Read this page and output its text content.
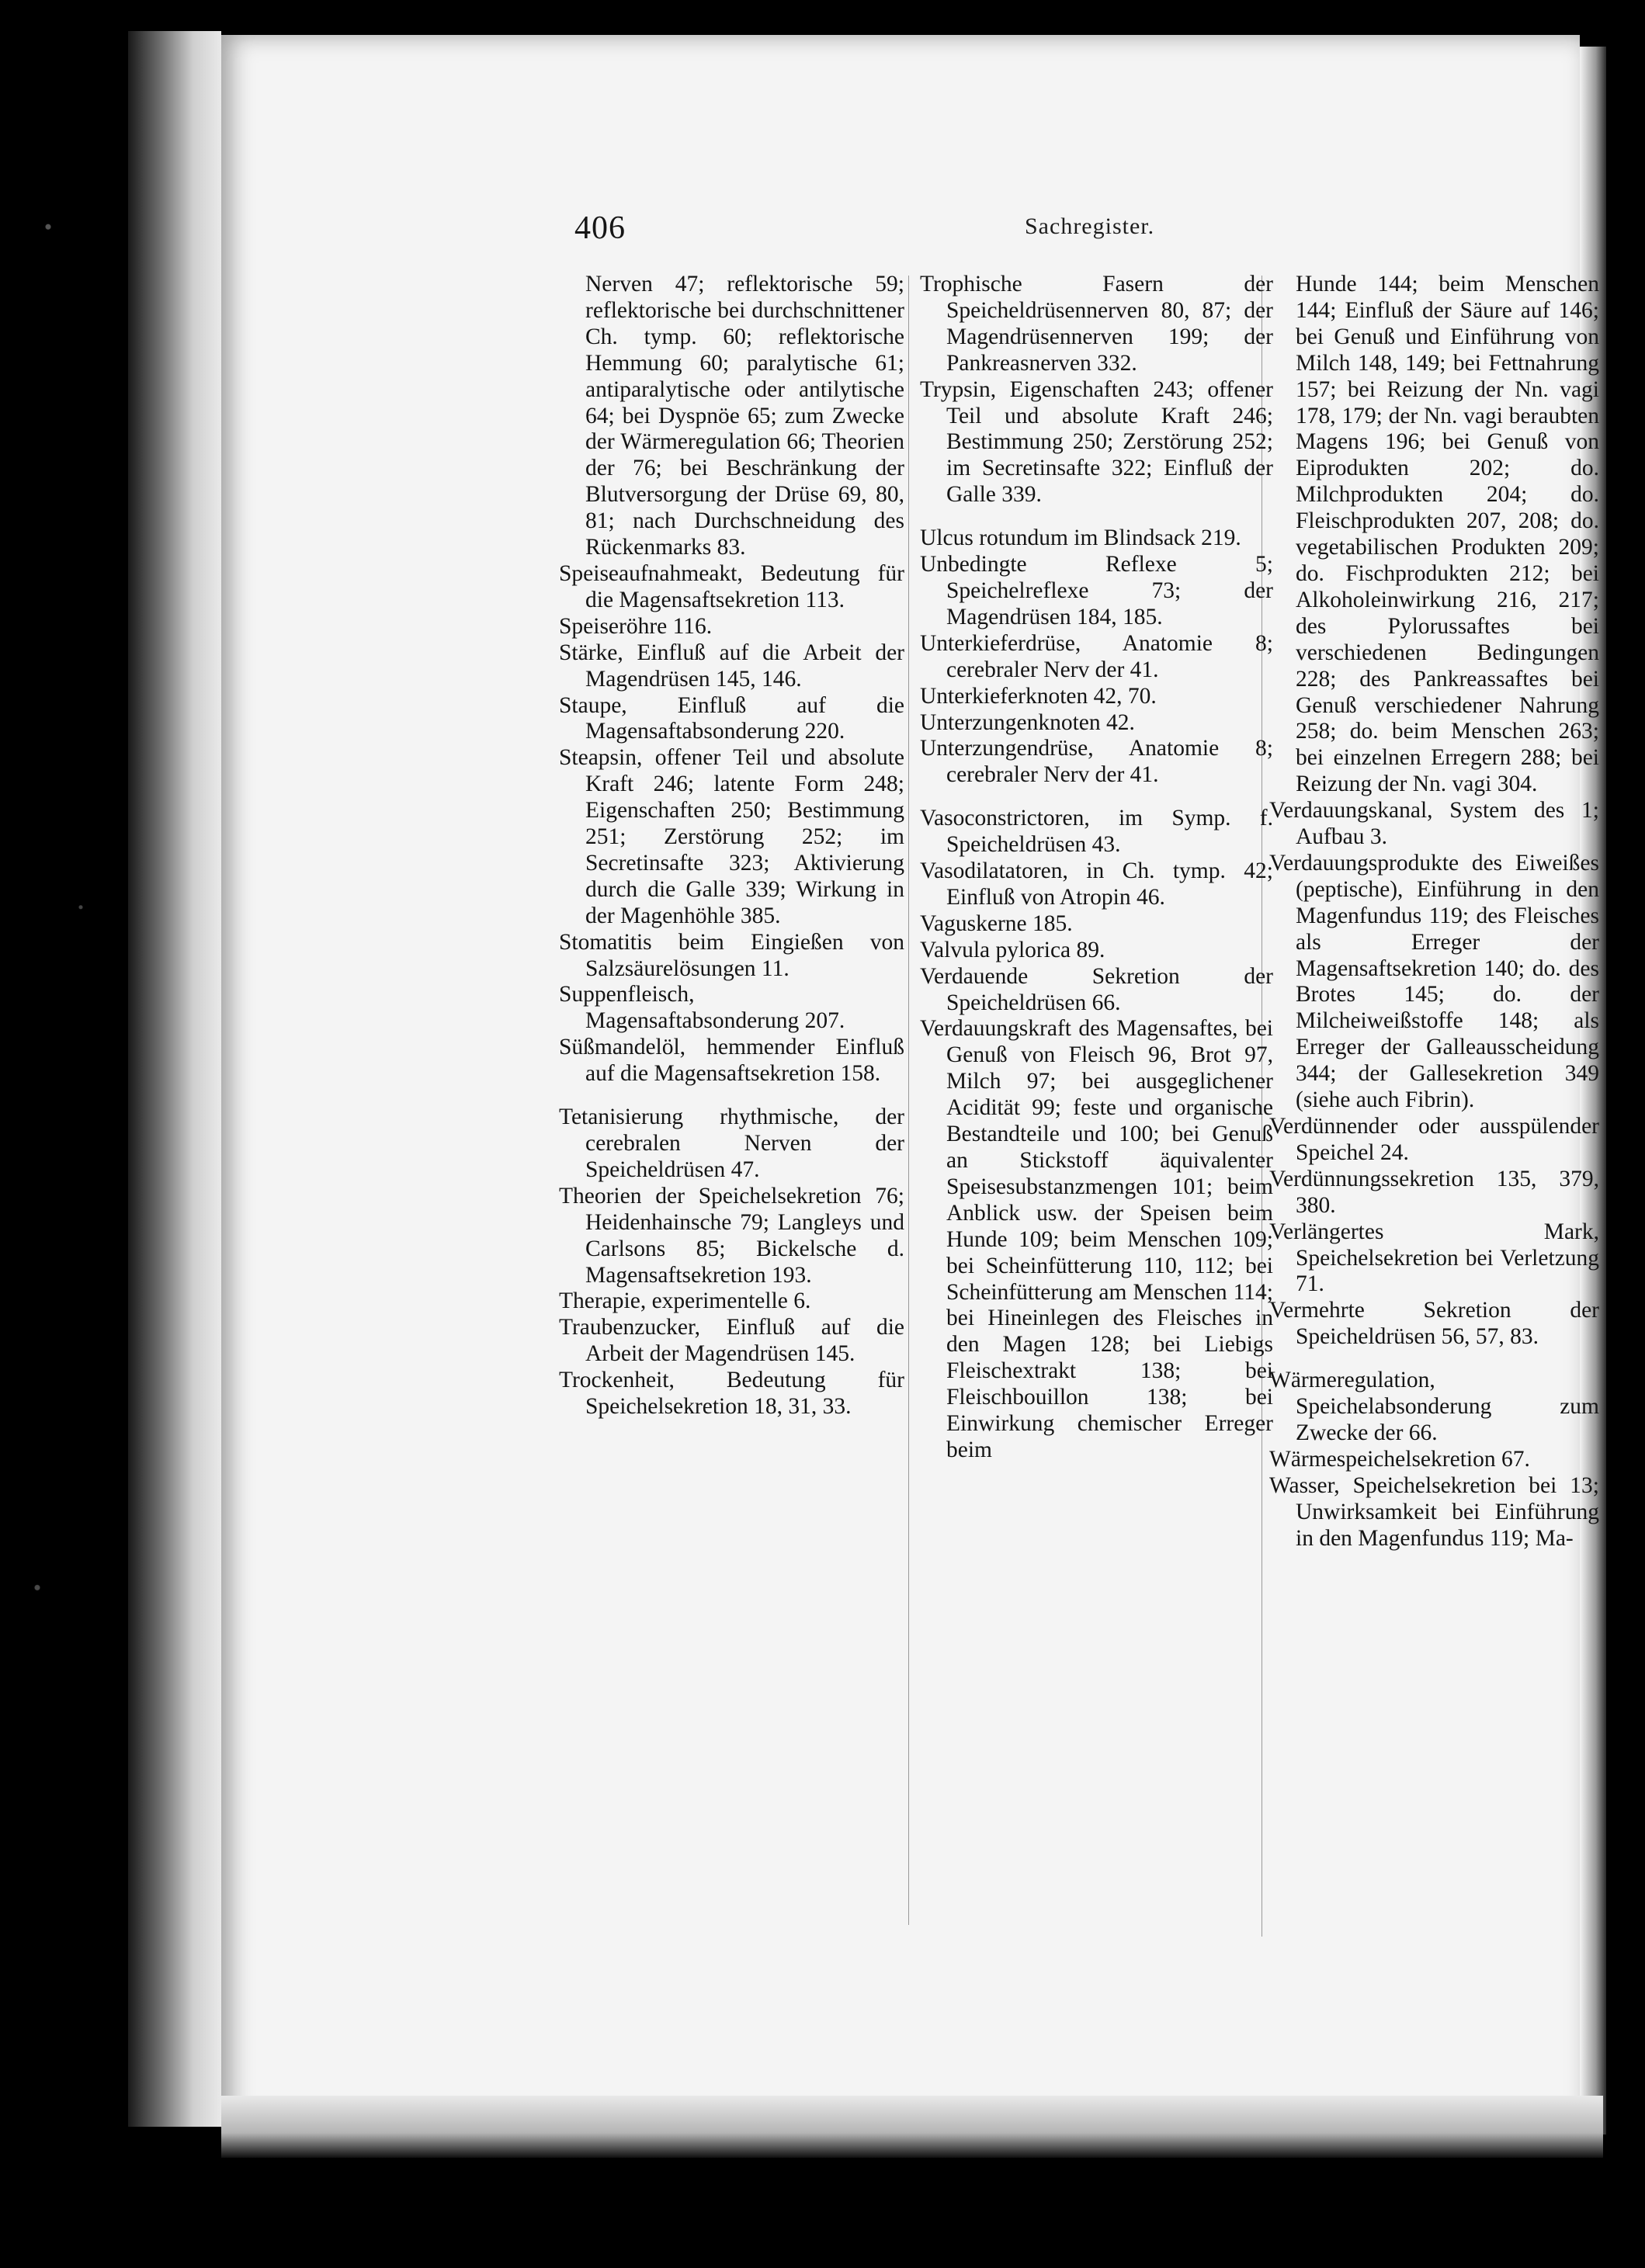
406	Sachregister.
Nerven 47; reflektorische 59; reflektorische bei durchschnittener Ch. tymp. 60; reflektorische Hemmung 60; paralytische 61; antiparalytische oder antilytische 64; bei Dyspnöe 65; zum Zwecke der Wärmeregulation 66; Theorien der 76; bei Beschränkung der Blutversorgung der Drüse 69, 80, 81; nach Durchschneidung des Rückenmarks 83.
Speiseaufnahmeakt, Bedeutung für die Magensaftsekretion 113.
Speiseröhre 116.
Stärke, Einfluß auf die Arbeit der Magendrüsen 145, 146.
Staupe, Einfluß auf die Magensaftabsonderung 220.
Steapsin, offener Teil und absolute Kraft 246; latente Form 248; Eigenschaften 250; Bestimmung 251; Zerstörung 252; im Secretinsafte 323; Aktivierung durch die Galle 339; Wirkung in der Magenhöhle 385.
Stomatitis beim Eingießen von Salzsäurelösungen 11.
Suppenfleisch, Magensaftabsonderung 207.
Süßmandelöl, hemmender Einfluß auf die Magensaftsekretion 158.
Tetanisierung rhythmische, der cerebralen Nerven der Speicheldrüsen 47.
Theorien der Speichelsekretion 76; Heidenhainsche 79; Langleys und Carlsons 85; Bickelsche d. Magensaftsekretion 193.
Therapie, experimentelle 6.
Traubenzucker, Einfluß auf die Arbeit der Magendrüsen 145.
Trockenheit, Bedeutung für Speichelsekretion 18, 31, 33.
Trophische Fasern der Speicheldrüsennerven 80, 87; der Magendrüsennerven 199; der Pankreasnerven 332.
Trypsin, Eigenschaften 243; offener Teil und absolute Kraft 246; Bestimmung 250; Zerstörung 252; im Secretinsafte 322; Einfluß der Galle 339.
Ulcus rotundum im Blindsack 219.
Unbedingte Reflexe 5; Speichelreflexe 73; der Magendrüsen 184, 185.
Unterkieferdrüse, Anatomie 8; cerebraler Nerv der 41.
Unterkieferknoten 42, 70.
Unterzungenknoten 42.
Unterzungendrüse, Anatomie 8; cerebraler Nerv der 41.
Vasoconstrictoren, im Symp. f. Speicheldrüsen 43.
Vasodilatatoren, in Ch. tymp. 42; Einfluß von Atropin 46.
Vaguskerne 185.
Valvula pylorica 89.
Verdauende Sekretion der Speicheldrüsen 66.
Verdauungskraft des Magensaftes, bei Genuß von Fleisch 96, Brot 97, Milch 97; bei ausgeglichener Acidität 99; feste und organische Bestandteile und 100; bei Genuß an Stickstoff äquivalenter Speisesubstanzmengen 101; beim Anblick usw. der Speisen beim Hunde 109; beim Menschen 109; bei Scheinfütterung 110, 112; bei Scheinfütterung am Menschen 114; bei Hineinlegen des Fleisches in den Magen 128; bei Liebigs Fleischextrakt 138; bei Fleischbouillon 138; bei Einwirkung chemischer Erreger beim
Hunde 144; beim Menschen 144; Einfluß der Säure auf 146; bei Genuß und Einführung von Milch 148, 149; bei Fettnahrung 157; bei Reizung der Nn. vagi 178, 179; der Nn. vagi beraubten Magens 196; bei Genuß von Eiprodukten 202; do. Milchprodukten 204; do. Fleischprodukten 207, 208; do. vegetabilischen Produkten 209; do. Fischprodukten 212; bei Alkoholeinwirkung 216, 217; des Pylorussaftes bei verschiedenen Bedingungen 228; des Pankreassaftes bei Genuß verschiedener Nahrung 258; do. beim Menschen 263; bei einzelnen Erregern 288; bei Reizung der Nn. vagi 304.
Verdauungskanal, System des 1; Aufbau 3.
Verdauungsprodukte des Eiweißes (peptische), Einführung in den Magenfundus 119; des Fleisches als Erreger der Magensaftsekretion 140; do. des Brotes 145; do. der Milcheiweißstoffe 148; als Erreger der Galleausscheidung 344; der Gallesekretion 349 (siehe auch Fibrin).
Verdünnender oder ausspülender Speichel 24.
Verdünnungssekretion 135, 379, 380.
Verlängertes Mark, Speichelsekretion bei Verletzung 71.
Vermehrte Sekretion der Speicheldrüsen 56, 57, 83.
Wärmeregulation, Speichelabsonderung zum Zwecke der 66.
Wärmespeichelsekretion 67.
Wasser, Speichelsekretion bei 13; Unwirksamkeit bei Einführung in den Magenfundus 119; Ma-
